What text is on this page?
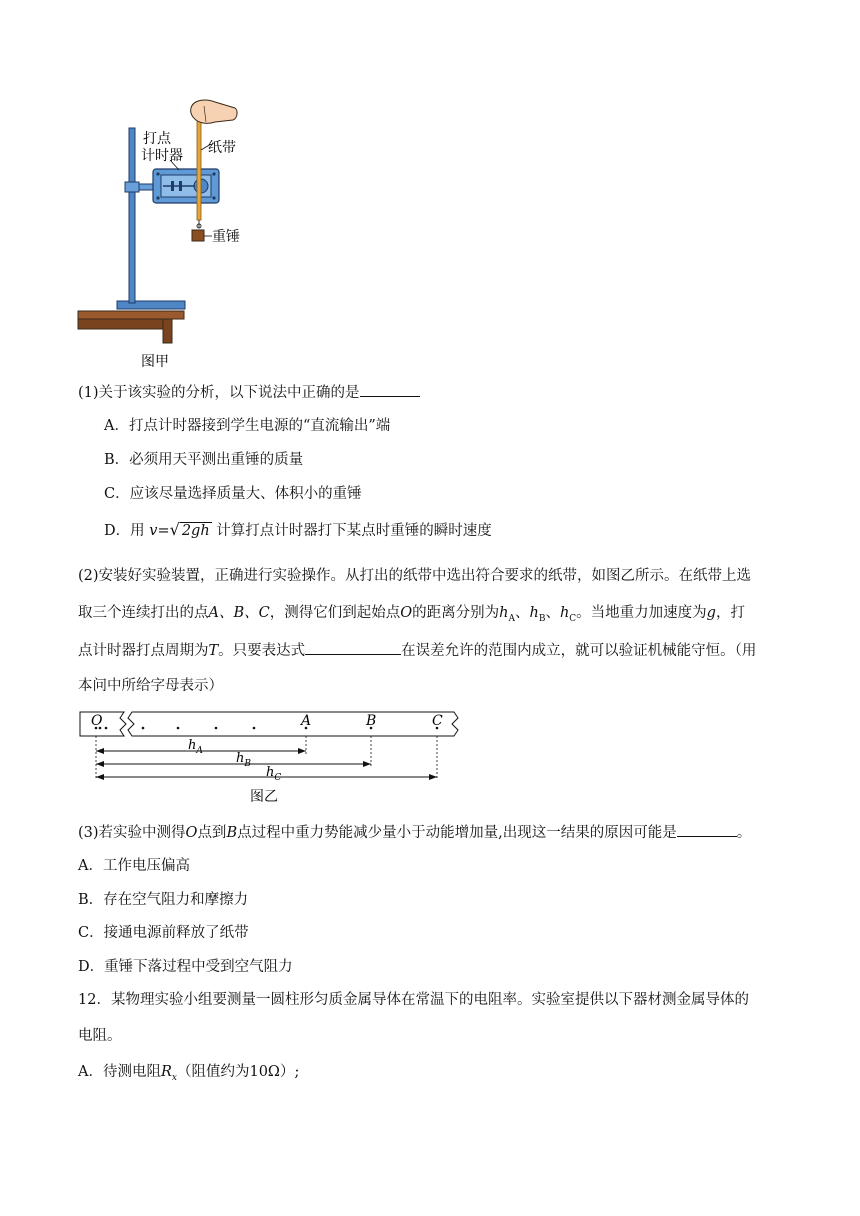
打点
计时器 纸带
重锤
图甲
(1)关于该实验的分析，以下说法中正确的是
A．打点计时器接到学生电源的“直流输出”端
B．必须用天平测出重锤的质量
C．应该尽量选择质量大、体积小的重锤
D．用 v=√ 2gh 计算打点计时器打下某点时重锤的瞬时速度
(2)安装好实验装置，正确进行实验操作。从打出的纸带中选出符合要求的纸带，如图乙所示。在纸带上选
取三个连续打出的点A、B、C，测得它们到起始点O的距离分别为$h_A$、$h_B$、$h_C$。当地重力加速度为g，打
点计时器打点周期为T。只要表达式	在误差允许的范围内成立，就可以验证机械能守恒。（用
本问中所给字母表示）
O	A	B	C
$h_A$	$h_B$
$h_C$
图乙
(3)若实验中测得O点到B点过程中重力势能减少量小于动能增加量,出现这一结果的原因可能是	。
A．工作电压偏高
B．存在空气阻力和摩擦力
C．接通电源前释放了纸带
D．重锤下落过程中受到空气阻力
12．某物理实验小组要测量一圆柱形匀质金属导体在常温下的电阻率。实验室提供以下器材测金属导体的
电阻。
A．待测电阻$R_x$（阻值约为10Ω）;
